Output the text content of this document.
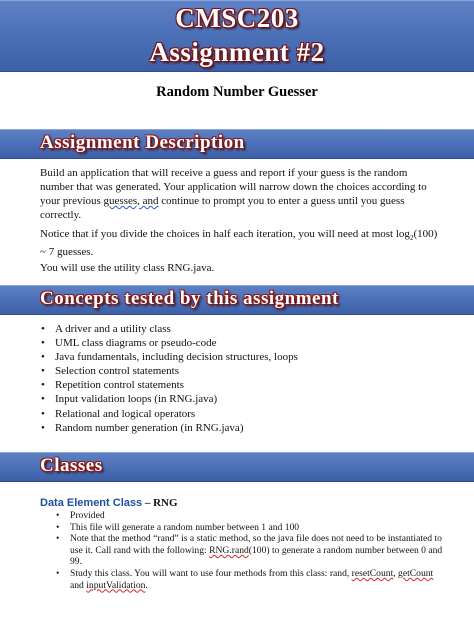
CMSC203
Assignment #2
Random Number Guesser
Assignment Description

Build an application that will receive a guess and report if your guess is the random number that was generated. Your application will narrow down the choices according to your previous guesses, and continue to prompt you to enter a guess until you guess correctly.

Notice that if you divide the choices in half each iteration, you will need at most $\log_2(100)$ ~ 7 guesses.

You will use the utility class RNG.java.

Concepts tested by this assignment
• A driver and a utility class
• UML class diagrams or pseudo-code
• Java fundamentals, including decision structures, loops
• Selection control statements
• Repetition control statements
• Input validation loops (in RNG.java)
• Relational and logical operators
• Random number generation (in RNG.java)
Classes
Data Element Class – RNG
• Provided
• This file will generate a random number between 1 and 100
• Note that the method “rand” is a static method, so the java file does not need to be instantiated to use it. Call rand with the following: RNG.rand(100) to generate a random number between 0 and 99.
• Study this class. You will want to use four methods from this class: rand, resetCount, getCount and inputValidation.
